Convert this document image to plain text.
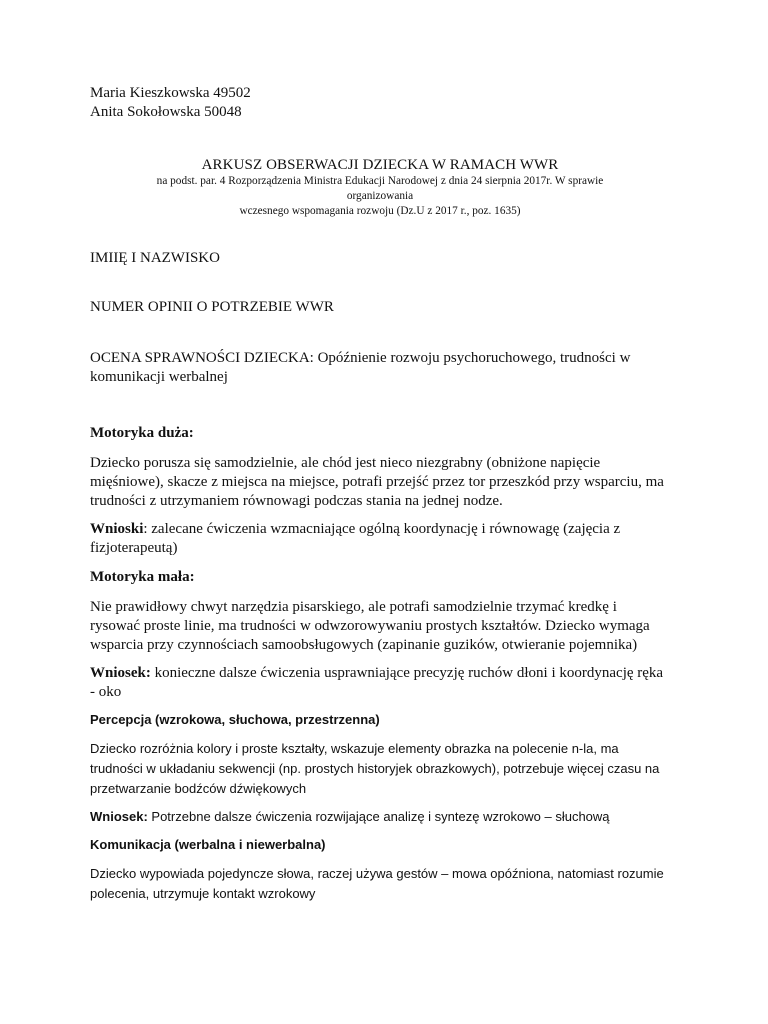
Maria Kieszkowska 49502
Anita Sokołowska 50048
ARKUSZ OBSERWACJI DZIECKA W RAMACH WWR
na podst. par. 4 Rozporządzenia Ministra Edukacji Narodowej z dnia 24 sierpnia 2017r. W sprawie
organizowania
wczesnego wspomagania rozwoju (Dz.U z 2017 r., poz. 1635)
IMIIĘ I NAZWISKO
NUMER OPINII O POTRZEBIE WWR
OCENA SPRAWNOŚCI DZIECKA: Opóźnienie rozwoju psychoruchowego, trudności w komunikacji werbalnej
Motoryka duża:
Dziecko porusza się samodzielnie, ale chód jest nieco niezgrabny (obniżone napięcie mięśniowe), skacze z miejsca na miejsce, potrafi przejść przez tor przeszkód przy wsparciu, ma trudności z utrzymaniem równowagi podczas stania na jednej nodze.
Wnioski: zalecane ćwiczenia wzmacniające ogólną koordynację i równowagę (zajęcia z fizjoterapeutą)
Motoryka mała:
Nie prawidłowy chwyt narzędzia pisarskiego, ale potrafi samodzielnie trzymać kredkę i rysować proste linie, ma trudności w odwzorowywaniu prostych kształtów. Dziecko wymaga wsparcia przy czynnościach samoobsługowych (zapinanie guzików, otwieranie pojemnika)
Wniosek: konieczne dalsze ćwiczenia usprawniające precyzję ruchów dłoni i koordynację ręka - oko
Percepcja (wzrokowa, słuchowa, przestrzenna)
Dziecko rozróżnia kolory i proste kształty, wskazuje elementy obrazka na polecenie n-la, ma trudności w układaniu sekwencji (np. prostych historyjek obrazkowych), potrzebuje więcej czasu na przetwarzanie bodźców dźwiękowych
Wniosek: Potrzebne dalsze ćwiczenia rozwijające analizę i syntezę wzrokowo – słuchową
Komunikacja (werbalna i niewerbalna)
Dziecko wypowiada pojedyncze słowa, raczej używa gestów – mowa opóźniona, natomiast rozumie polecenia, utrzymuje kontakt wzrokowy
